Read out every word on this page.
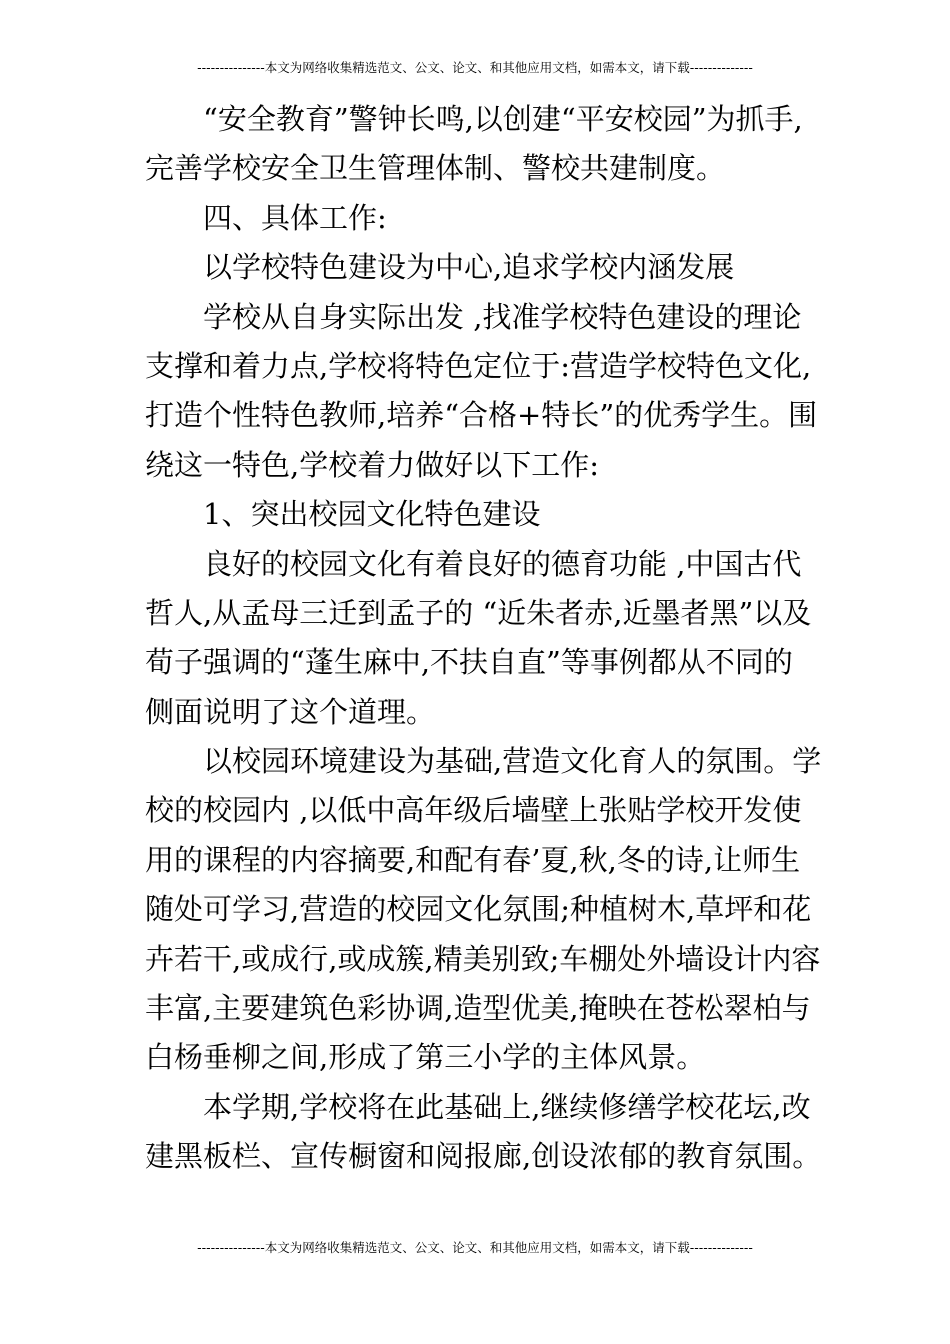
---------------本文为网络收集精选范文、公文、论文、和其他应用文档，如需本文，请下载--------------
“安全教育”警钟长鸣,以创建“平安校园”为抓手,
完善学校安全卫生管理体制、警校共建制度。
四、具体工作:
以学校特色建设为中心,追求学校内涵发展
学校从自身实际出发 ,找准学校特色建设的理论
支撑和着力点,学校将特色定位于:营造学校特色文化,
打造个性特色教师,培养“合格+特长”的优秀学生。围
绕这一特色,学校着力做好以下工作:
1、突出校园文化特色建设
良好的校园文化有着良好的德育功能 ,中国古代
哲人,从孟母三迁到孟子的 “近朱者赤,近墨者黑”以及
荀子强调的“蓬生麻中,不扶自直”等事例都从不同的
侧面说明了这个道理。
以校园环境建设为基础,营造文化育人的氛围。学
校的校园内 ,以低中高年级后墙壁上张贴学校开发使
用的课程的内容摘要,和配有春’夏,秋,冬的诗,让师生
随处可学习,营造的校园文化氛围;种植树木,草坪和花
卉若干,或成行,或成簇,精美别致;车棚处外墙设计内容
丰富,主要建筑色彩协调,造型优美,掩映在苍松翠柏与
白杨垂柳之间,形成了第三小学的主体风景。
本学期,学校将在此基础上,继续修缮学校花坛,改
建黑板栏、宣传橱窗和阅报廊,创设浓郁的教育氛围。
---------------本文为网络收集精选范文、公文、论文、和其他应用文档，如需本文，请下载--------------
